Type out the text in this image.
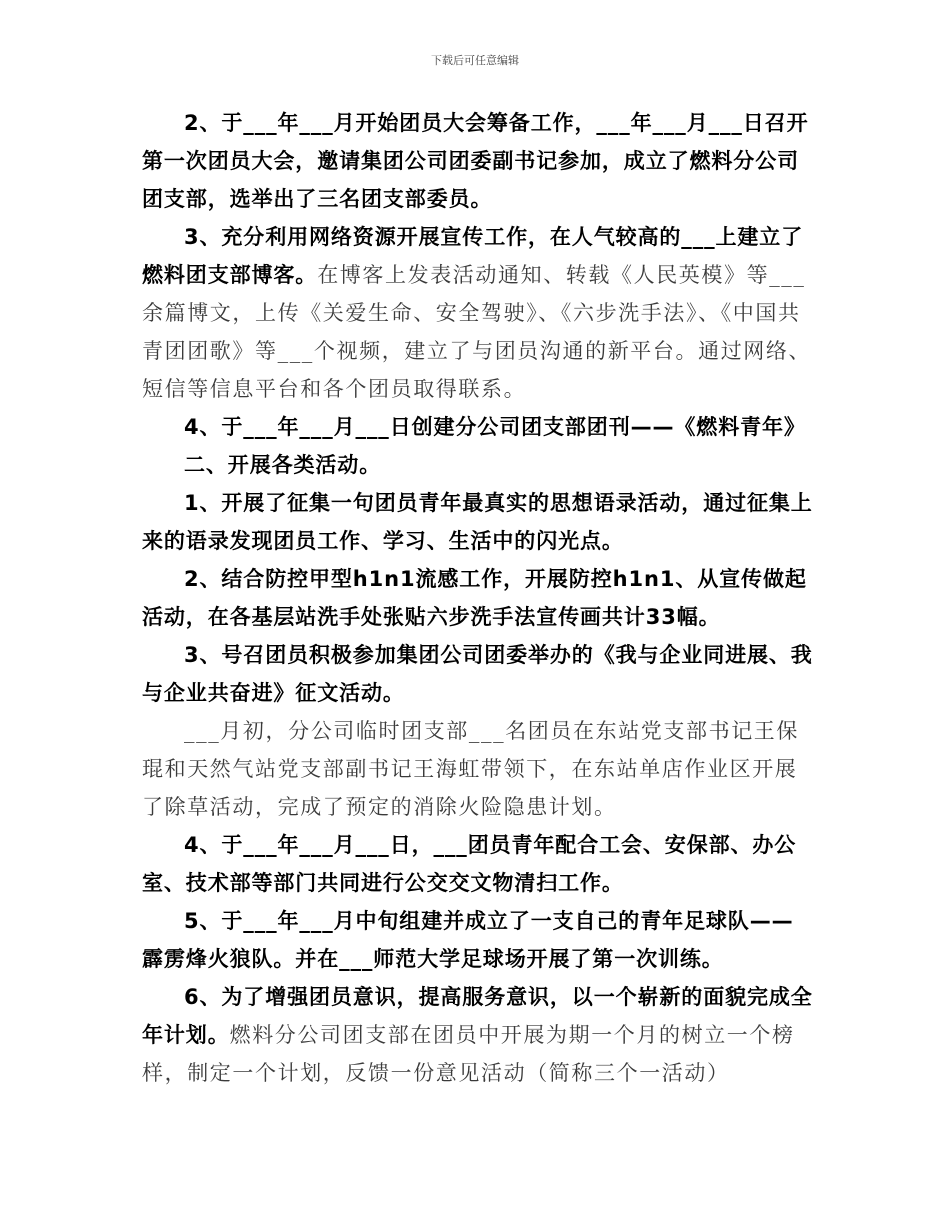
下载后可任意编辑

2、于___年___月开始团员大会筹备工作，___年___月___日召开第一次团员大会，邀请集团公司团委副书记参加，成立了燃料分公司团支部，选举出了三名团支部委员。

3、充分利用网络资源开展宣传工作，在人气较高的___上建立了燃料团支部博客。在博客上发表活动通知、转载《人民英模》等___余篇博文，上传《关爱生命、安全驾驶》、《六步洗手法》、《中国共青团团歌》等___个视频，建立了与团员沟通的新平台。通过网络、短信等信息平台和各个团员取得联系。

4、于___年___月___日创建分公司团支部团刊——《燃料青年》

二、开展各类活动。

1、开展了征集一句团员青年最真实的思想语录活动，通过征集上来的语录发现团员工作、学习、生活中的闪光点。

2、结合防控甲型h1n1流感工作，开展防控h1n1、从宣传做起活动，在各基层站洗手处张贴六步洗手法宣传画共计33幅。

3、号召团员积极参加集团公司团委举办的《我与企业同进展、我与企业共奋进》征文活动。

___月初，分公司临时团支部___名团员在东站党支部书记王保琨和天然气站党支部副书记王海虹带领下，在东站单店作业区开展了除草活动，完成了预定的消除火险隐患计划。

4、于___年___月___日，___团员青年配合工会、安保部、办公室、技术部等部门共同进行公交交文物清扫工作。

5、于___年___月中旬组建并成立了一支自己的青年足球队——霹雳烽火狼队。并在___师范大学足球场开展了第一次训练。

6、为了增强团员意识，提高服务意识，以一个崭新的面貌完成全年计划。燃料分公司团支部在团员中开展为期一个月的树立一个榜样，制定一个计划，反馈一份意见活动（简称三个一活动）
